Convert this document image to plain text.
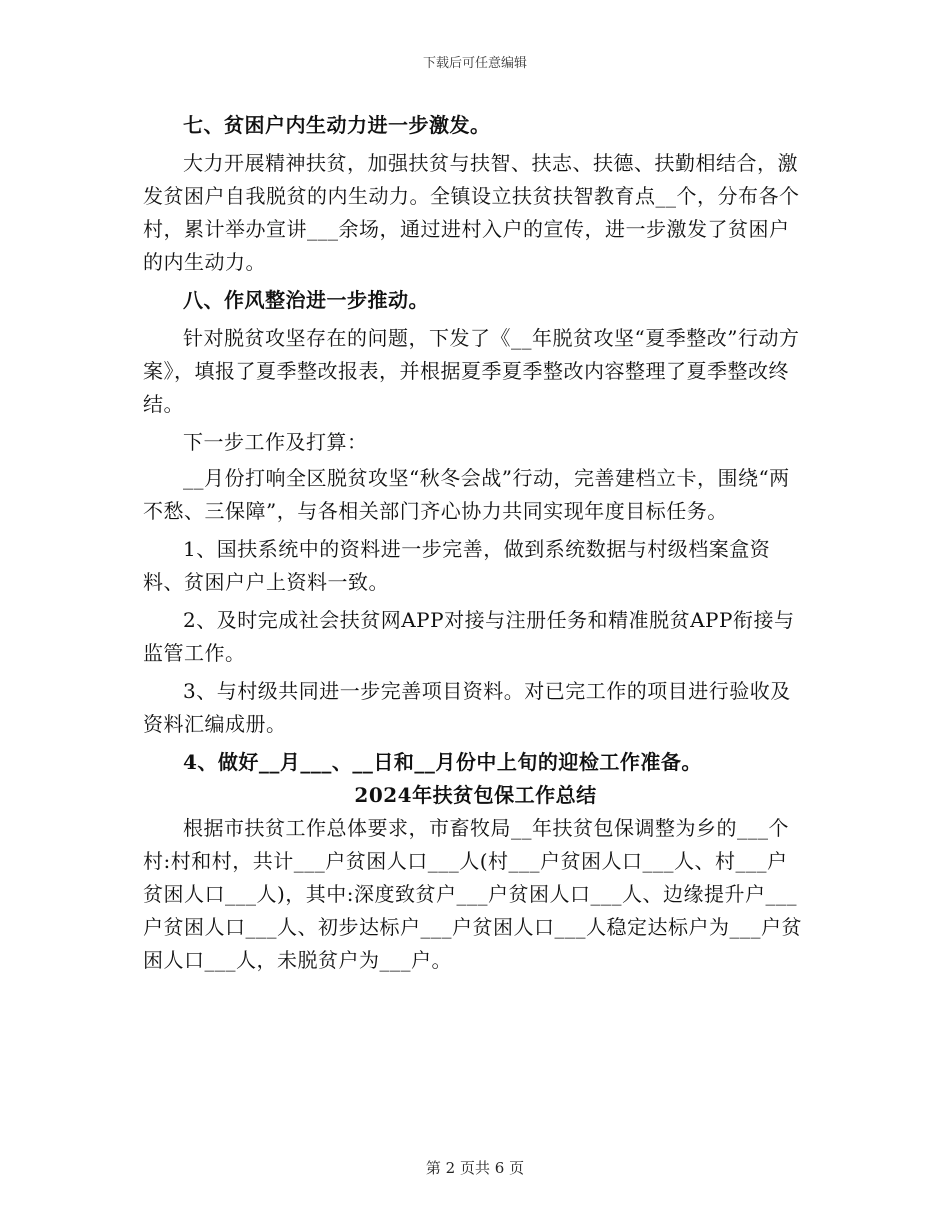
下载后可任意编辑

七、贫困户内生动力进一步激发。

大力开展精神扶贫，加强扶贫与扶智、扶志、扶德、扶勤相结合，激发贫困户自我脱贫的内生动力。全镇设立扶贫扶智教育点__个，分布各个村，累计举办宣讲___余场，通过进村入户的宣传，进一步激发了贫困户的内生动力。

八、作风整治进一步推动。

针对脱贫攻坚存在的问题，下发了《__年脱贫攻坚“夏季整改”行动方案》，填报了夏季整改报表，并根据夏季夏季整改内容整理了夏季整改终结。

下一步工作及打算：

__月份打响全区脱贫攻坚“秋冬会战”行动，完善建档立卡，围绕“两不愁、三保障”，与各相关部门齐心协力共同实现年度目标任务。

1、国扶系统中的资料进一步完善，做到系统数据与村级档案盒资料、贫困户户上资料一致。

2、及时完成社会扶贫网APP对接与注册任务和精准脱贫APP衔接与监管工作。

3、与村级共同进一步完善项目资料。对已完工作的项目进行验收及资料汇编成册。

4、做好__月___、__日和__月份中上旬的迎检工作准备。

2024年扶贫包保工作总结

根据市扶贫工作总体要求，市畜牧局__年扶贫包保调整为乡的___个村:村和村，共计___户贫困人口___人(村___户贫困人口___人、村___户贫困人口___人)，其中:深度致贫户___户贫困人口___人、边缘提升户___户贫困人口___人、初步达标户___户贫困人口___人稳定达标户为___户贫困人口___人，未脱贫户为___户。

第 2 页共 6 页
